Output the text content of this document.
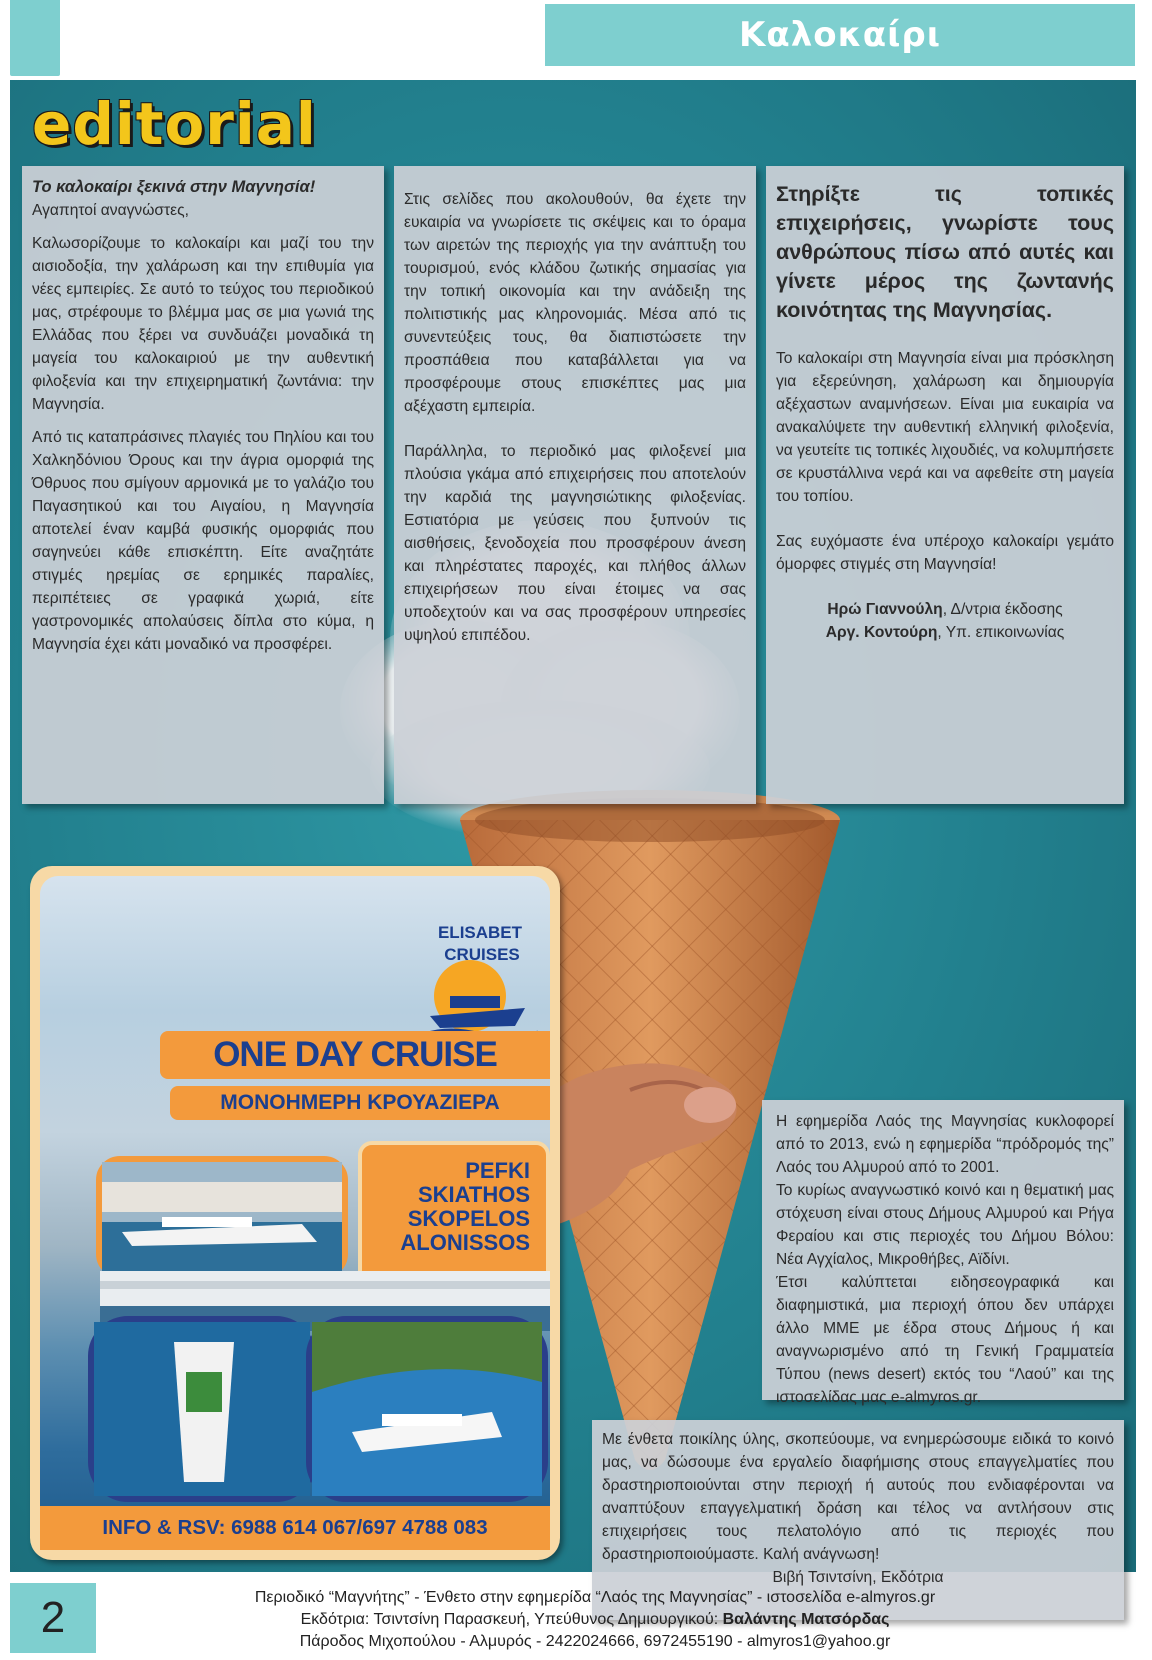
Καλοκαίρι
editorial

Το καλοκαίρι ξεκινά στην Μαγνησία!

Αγαπητοί αναγνώστες,

Καλωσορίζουμε το καλοκαίρι και μαζί του την αισιοδοξία, την χαλάρωση και την επιθυμία για νέες εμπειρίες. Σε αυτό το τεύχος του περιοδικού μας, στρέφουμε το βλέμμα μας σε μια γωνιά της Ελλάδας που ξέρει να συνδυάζει μοναδικά τη μαγεία του καλοκαιριού με την αυθεντική φιλοξενία και την επιχειρηματική ζωντάνια: την Μαγνησία.

Από τις καταπράσινες πλαγιές του Πηλίου και του Χαλκηδόνιου Όρους και την άγρια ομορφιά της Όθρυος που σμίγουν αρμονικά με το γαλάζιο του Παγασητικού και του Αιγαίου, η Μαγνησία αποτελεί έναν καμβά φυσικής ομορφιάς που σαγηνεύει κάθε επισκέπτη. Είτε αναζητάτε στιγμές ηρεμίας σε ερημικές παραλίες, περιπέτειες σε γραφικά χωριά, είτε γαστρονομικές απολαύσεις δίπλα στο κύμα, η Μαγνησία έχει κάτι μοναδικό να προσφέρει.

Στις σελίδες που ακολουθούν, θα έχετε την ευκαιρία να γνωρίσετε τις σκέψεις και το όραμα των αιρετών της περιοχής για την ανάπτυξη του τουρισμού, ενός κλάδου ζωτικής σημασίας για την τοπική οικονομία και την ανάδειξη της πολιτιστικής μας κληρονομιάς. Μέσα από τις συνεντεύξεις τους, θα διαπιστώσετε την προσπάθεια που καταβάλλεται για να προσφέρουμε στους επισκέπτες μας μια αξέχαστη εμπειρία.

Παράλληλα, το περιοδικό μας φιλοξενεί μια πλούσια γκάμα από επιχειρήσεις που αποτελούν την καρδιά της μαγνησιώτικης φιλοξενίας. Εστιατόρια με γεύσεις που ξυπνούν τις αισθήσεις, ξενοδοχεία που προσφέρουν άνεση και πληρέστατες παροχές, και πλήθος άλλων επιχειρήσεων που είναι έτοιμες να σας υποδεχτούν και να σας προσφέρουν υπηρεσίες υψηλού επιπέδου.

Στηρίξτε τις τοπικές επιχειρήσεις, γνωρίστε τους ανθρώπους πίσω από αυτές και γίνετε μέρος της ζωντανής κοινότητας της Μαγνησίας.

Το καλοκαίρι στη Μαγνησία είναι μια πρόσκληση για εξερεύνηση, χαλάρωση και δημιουργία αξέχαστων αναμνήσεων. Είναι μια ευκαιρία να ανακαλύψετε την αυθεντική ελληνική φιλοξενία, να γευτείτε τις τοπικές λιχουδιές, να κολυμπήσετε σε κρυστάλλινα νερά και να αφεθείτε στη μαγεία του τοπίου.

Σας ευχόμαστε ένα υπέροχο καλοκαίρι γεμάτο όμορφες στιγμές στη Μαγνησία!

Ηρώ Γιαννούλη, Δ/ντρια έκδοσης

Αργ. Κοντούρη, Υπ. επικοινωνίας

ELISABET
CRUISES
ONE DAY CRUISE
ΜΟΝΟΗΜΕΡΗ ΚΡΟΥΑΖΙΕΡΑ
PEFKI
SKIATHOS
SKOPELOS
ALONISSOS
INFO & RSV: 6988 614 067/697 4788 083

Η εφημερίδα Λαός της Μαγνησίας κυκλοφορεί από το 2013, ενώ η εφημερίδα “πρόδρομός της” Λαός του Αλμυρού από το 2001.

Το κυρίως αναγνωστικό κοινό και η θεματική μας στόχευση είναι στους Δήμους Αλμυρού και Ρήγα Φεραίου και στις περιοχές του Δήμου Βόλου: Νέα Αγχίαλος, Μικροθήβες, Αϊδίνι.

Έτσι καλύπτεται ειδησεογραφικά και διαφημιστικά, μια περιοχή όπου δεν υπάρχει άλλο ΜΜΕ με έδρα στους Δήμους ή και αναγνωρισμένο από τη Γενική Γραμματεία Τύπου (news desert) εκτός του “Λαού” και της ιστοσελίδας μας e-almyros.gr.

Με ένθετα ποικίλης ύλης, σκοπεύουμε, να ενημερώσουμε ειδικά το κοινό μας, να δώσουμε ένα εργαλείο διαφήμισης στους επαγγελματίες που δραστηριοποιούνται στην περιοχή ή αυτούς που ενδιαφέρονται να αναπτύξουν επαγγελματική δράση και τέλος να αντλήσουν στις επιχειρήσεις τους πελατολόγιο από τις περιοχές που δραστηριοποιούμαστε. Καλή ανάγνωση!

Βιβή Τσιντσίνη, Εκδότρια

2	Περιοδικό “Μαγνήτης” - Ένθετο στην εφημερίδα “Λαός της Μαγνησίας” - ιστοσελίδα e-almyros.gr
Εκδότρια: Τσιντσίνη Παρασκευή, Υπεύθυνος Δημιουργικού: Βαλάντης Ματσόρδας
Πάροδος Μιχοπούλου - Αλμυρός - 2422024666, 6972455190 - almyros1@yahoo.gr
